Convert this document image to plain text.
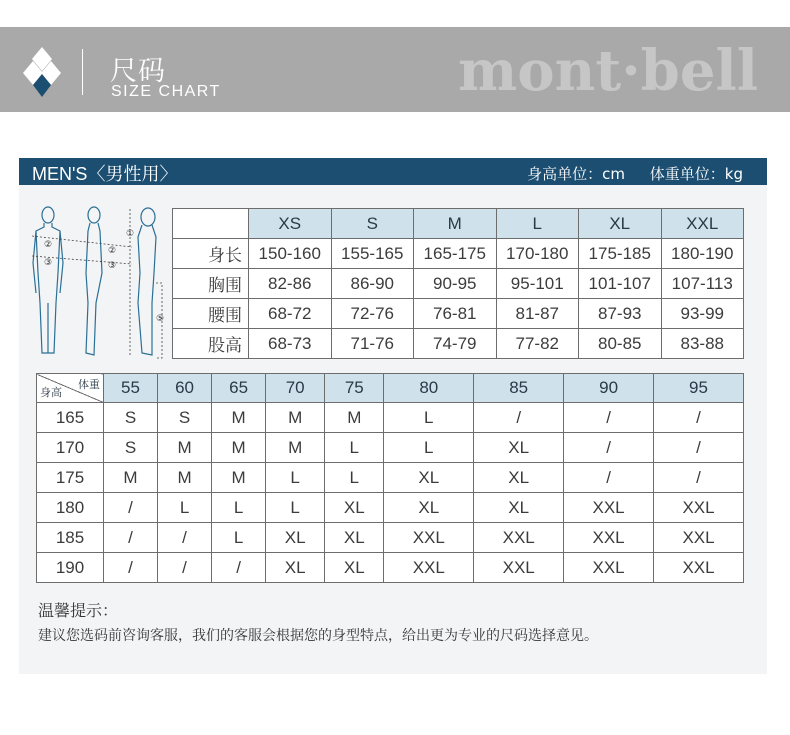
尺码
SIZE CHART	mont·bell
MEN'S〈男性用〉	身高单位：cm 体重单位：kg
①
②
②
③	③
⑤
	XS	S	M	L	XL	XXL
身长	150-160	155-165	165-175	170-180	175-185	180-190
胸围	82-86	86-90	90-95	95-101	101-107	107-113
腰围	68-72	72-76	76-81	81-87	87-93	93-99
股高	68-73	71-76	74-79	77-82	80-85	83-88
体重
身高	55	60	65	70	75	80	85	90	95
165	S	S	M	M	M	L	/	/	/
170	S	M	M	M	L	L	XL	/	/
175	M	M	M	L	L	XL	XL	/	/
180	/	L	L	L	XL	XL	XL	XXL	XXL
185	/	/	L	XL	XL	XXL	XXL	XXL	XXL
190	/	/	/	XL	XL	XXL	XXL	XXL	XXL
温馨提示：
建议您选码前咨询客服，我们的客服会根据您的身型特点，给出更为专业的尺码选择意见。
